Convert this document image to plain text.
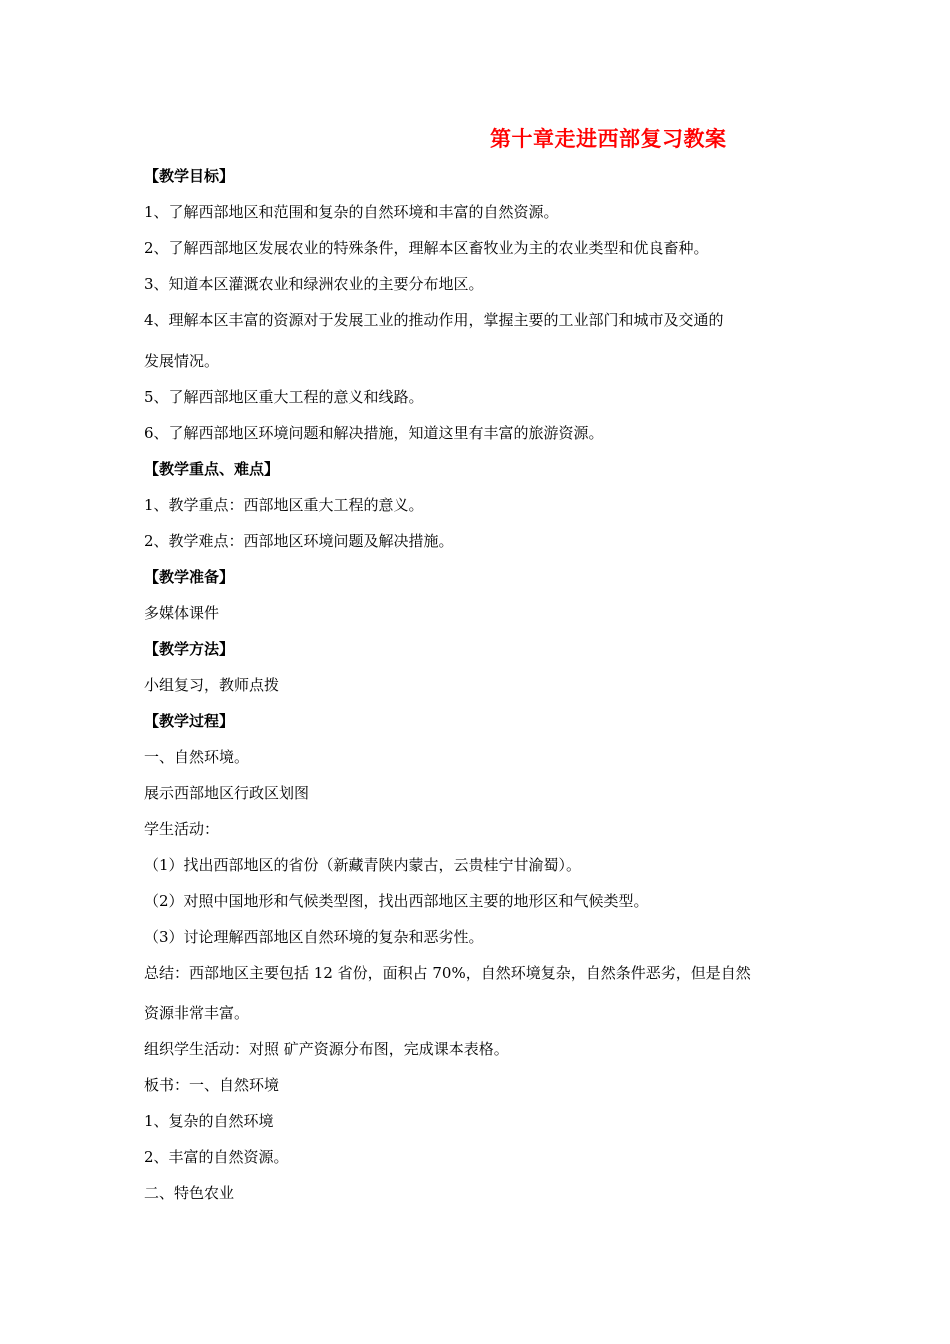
第十章走进西部复习教案
【教学目标】
1、了解西部地区和范围和复杂的自然环境和丰富的自然资源。
2、了解西部地区发展农业的特殊条件，理解本区畜牧业为主的农业类型和优良畜种。
3、知道本区灌溉农业和绿洲农业的主要分布地区。
4、理解本区丰富的资源对于发展工业的推动作用，掌握主要的工业部门和城市及交通的
发展情况。
5、了解西部地区重大工程的意义和线路。
6、了解西部地区环境问题和解决措施，知道这里有丰富的旅游资源。
【教学重点、难点】
1、教学重点：西部地区重大工程的意义。
2、教学难点：西部地区环境问题及解决措施。
【教学准备】
多媒体课件
【教学方法】
小组复习，教师点拨
【教学过程】
一、自然环境。
展示西部地区行政区划图
学生活动：
（1）找出西部地区的省份（新藏青陕内蒙古，云贵桂宁甘渝蜀）。
（2）对照中国地形和气候类型图，找出西部地区主要的地形区和气候类型。
（3）讨论理解西部地区自然环境的复杂和恶劣性。
总结：西部地区主要包括 12 省份，面积占 70%，自然环境复杂，自然条件恶劣，但是自然
资源非常丰富。
组织学生活动：对照 矿产资源分布图，完成课本表格。
板书：一、自然环境
1、复杂的自然环境
2、丰富的自然资源。
二、特色农业
